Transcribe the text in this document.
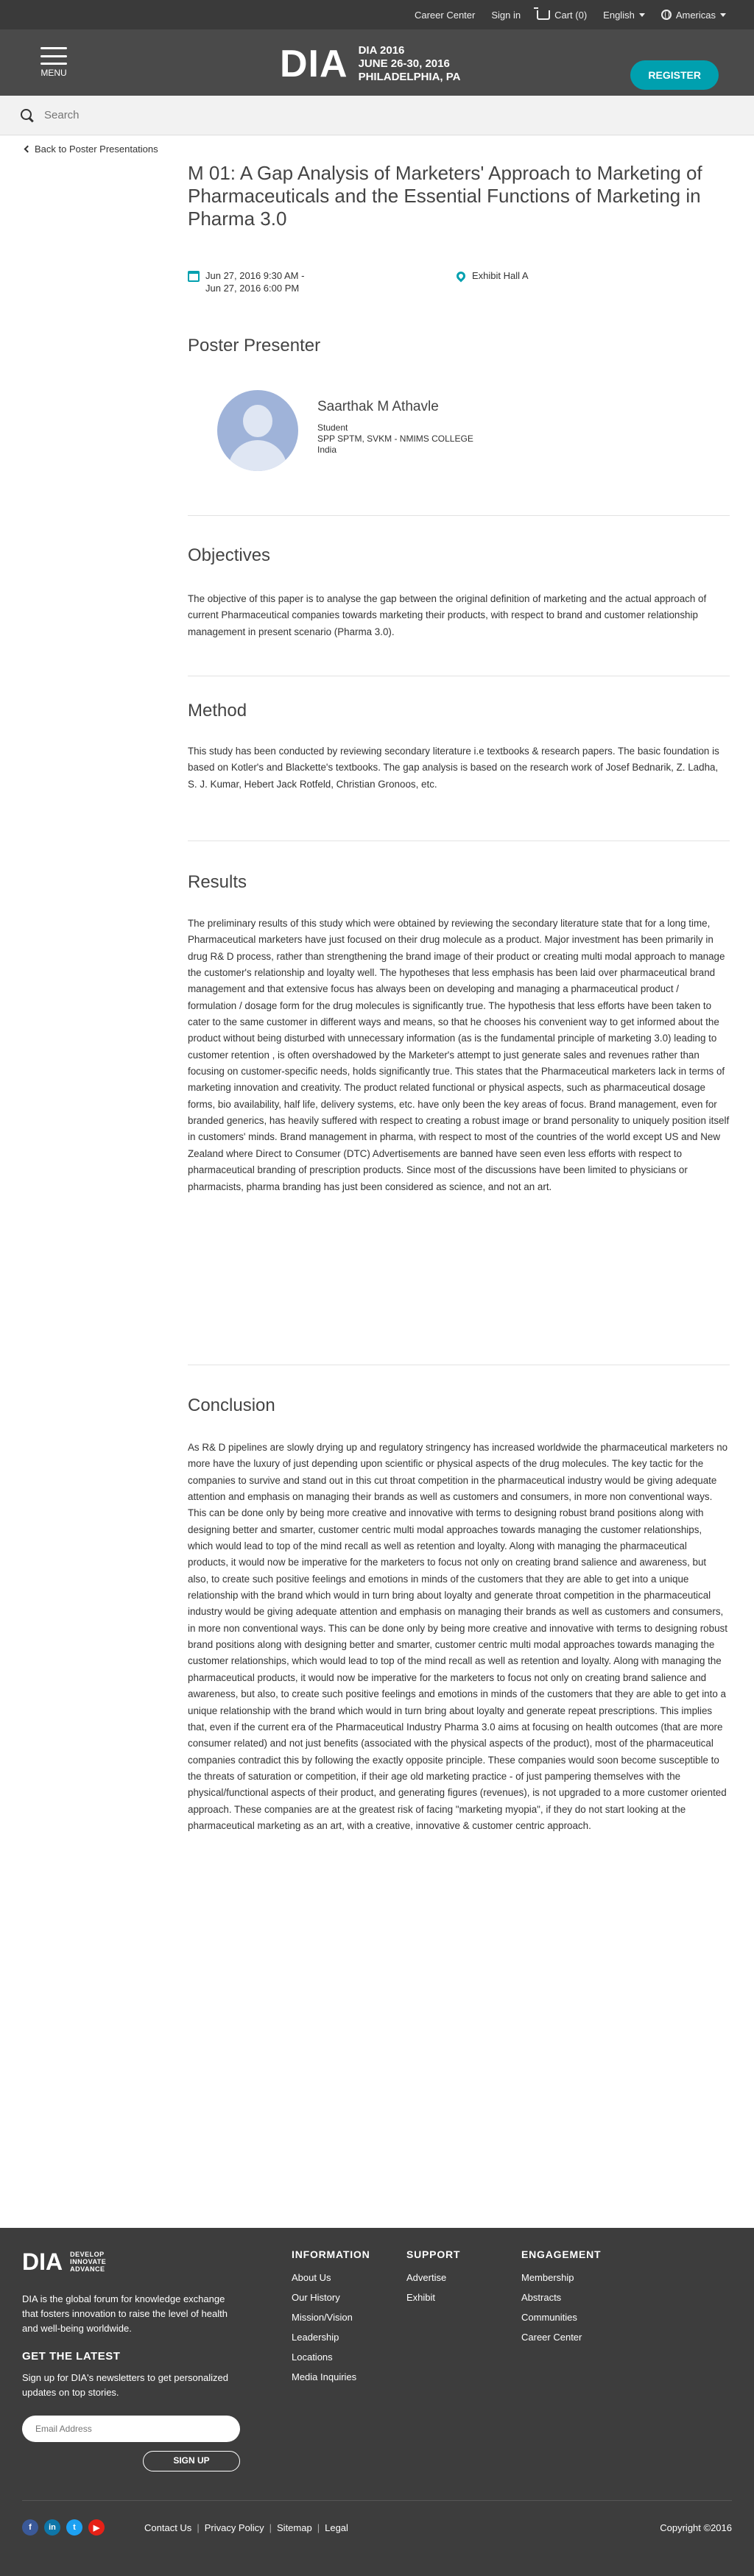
Career Center Sign in	Cart (0) English	Americas
MENU	DIA DIA 2016
JUNE 26-30, 2016
PHILADELPHIA, PA	REGISTER
Search
Back to Poster Presentations
M 01: A Gap Analysis of Marketers' Approach to Marketing of Pharmaceuticals and the Essential Functions of Marketing in Pharma 3.0
Jun 27, 2016 9:30 AM -
Jun 27, 2016 6:00 PM
Exhibit Hall A
Poster Presenter
Saarthak M Athavle
Student
SPP SPTM, SVKM - NMIMS COLLEGE
India
Objectives

The objective of this paper is to analyse the gap between the original definition of marketing and the actual approach of current Pharmaceutical companies towards marketing their products, with respect to brand and customer relationship management in present scenario (Pharma 3.0).

Method

This study has been conducted by reviewing secondary literature i.e textbooks & research papers. The basic foundation is based on Kotler's and Blackette's textbooks. The gap analysis is based on the research work of Josef Bednarik, Z. Ladha, S. J. Kumar, Hebert Jack Rotfeld, Christian Gronoos, etc.

Results

The preliminary results of this study which were obtained by reviewing the secondary literature state that for a long time, Pharmaceutical marketers have just focused on their drug molecule as a product. Major investment has been primarily in drug R& D process, rather than strengthening the brand image of their product or creating multi modal approach to manage the customer's relationship and loyalty well. The hypotheses that less emphasis has been laid over pharmaceutical brand management and that extensive focus has always been on developing and managing a pharmaceutical product / formulation / dosage form for the drug molecules is significantly true. The hypothesis that less efforts have been taken to cater to the same customer in different ways and means, so that he chooses his convenient way to get informed about the product without being disturbed with unnecessary information (as is the fundamental principle of marketing 3.0) leading to customer retention , is often overshadowed by the Marketer's attempt to just generate sales and revenues rather than focusing on customer-specific needs, holds significantly true. This states that the Pharmaceutical marketers lack in terms of marketing innovation and creativity. The product related functional or physical aspects, such as pharmaceutical dosage forms, bio availability, half life, delivery systems, etc. have only been the key areas of focus. Brand management, even for branded generics, has heavily suffered with respect to creating a robust image or brand personality to uniquely position itself in customers' minds. Brand management in pharma, with respect to most of the countries of the world except US and New Zealand where Direct to Consumer (DTC) Advertisements are banned have seen even less efforts with respect to pharmaceutical branding of prescription products. Since most of the discussions have been limited to physicians or pharmacists, pharma branding has just been considered as science, and not an art.

Conclusion

As R& D pipelines are slowly drying up and regulatory stringency has increased worldwide the pharmaceutical marketers no more have the luxury of just depending upon scientific or physical aspects of the drug molecules. The key tactic for the companies to survive and stand out in this cut throat competition in the pharmaceutical industry would be giving adequate attention and emphasis on managing their brands as well as customers and consumers, in more non conventional ways. This can be done only by being more creative and innovative with terms to designing robust brand positions along with designing better and smarter, customer centric multi modal approaches towards managing the customer relationships, which would lead to top of the mind recall as well as retention and loyalty. Along with managing the pharmaceutical products, it would now be imperative for the marketers to focus not only on creating brand salience and awareness, but also, to create such positive feelings and emotions in minds of the customers that they are able to get into a unique relationship with the brand which would in turn bring about loyalty and generate throat competition in the pharmaceutical industry would be giving adequate attention and emphasis on managing their brands as well as customers and consumers, in more non conventional ways. This can be done only by being more creative and innovative with terms to designing robust brand positions along with designing better and smarter, customer centric multi modal approaches towards managing the customer relationships, which would lead to top of the mind recall as well as retention and loyalty. Along with managing the pharmaceutical products, it would now be imperative for the marketers to focus not only on creating brand salience and awareness, but also, to create such positive feelings and emotions in minds of the customers that they are able to get into a unique relationship with the brand which would in turn bring about loyalty and generate repeat prescriptions. This implies that, even if the current era of the Pharmaceutical Industry Pharma 3.0 aims at focusing on health outcomes (that are more consumer related) and not just benefits (associated with the physical aspects of the product), most of the pharmaceutical companies contradict this by following the exactly opposite principle. These companies would soon become susceptible to the threats of saturation or competition, if their age old marketing practice - of just pampering themselves with the physical/functional aspects of their product, and generating figures (revenues), is not upgraded to a more customer oriented approach. These companies are at the greatest risk of facing "marketing myopia", if they do not start looking at the pharmaceutical marketing as an art, with a creative, innovative & customer centric approach.

DIA DEVELOP
INNOVATE
ADVANCE

DIA is the global forum for knowledge exchange that fosters innovation to raise the level of health and well-being worldwide.

GET THE LATEST

Sign up for DIA's newsletters to get personalized updates on top stories.

Email Address
SIGN UP
INFORMATION
About Us
Our History
Mission/Vision
Leadership
Locations
Media Inquiries
SUPPORT
Advertise
Exhibit
ENGAGEMENT
Membership
Abstracts
Communities
Career Center
f	in	t	▶	Contact Us | Privacy Policy | Sitemap | Legal	Copyright ©2016
